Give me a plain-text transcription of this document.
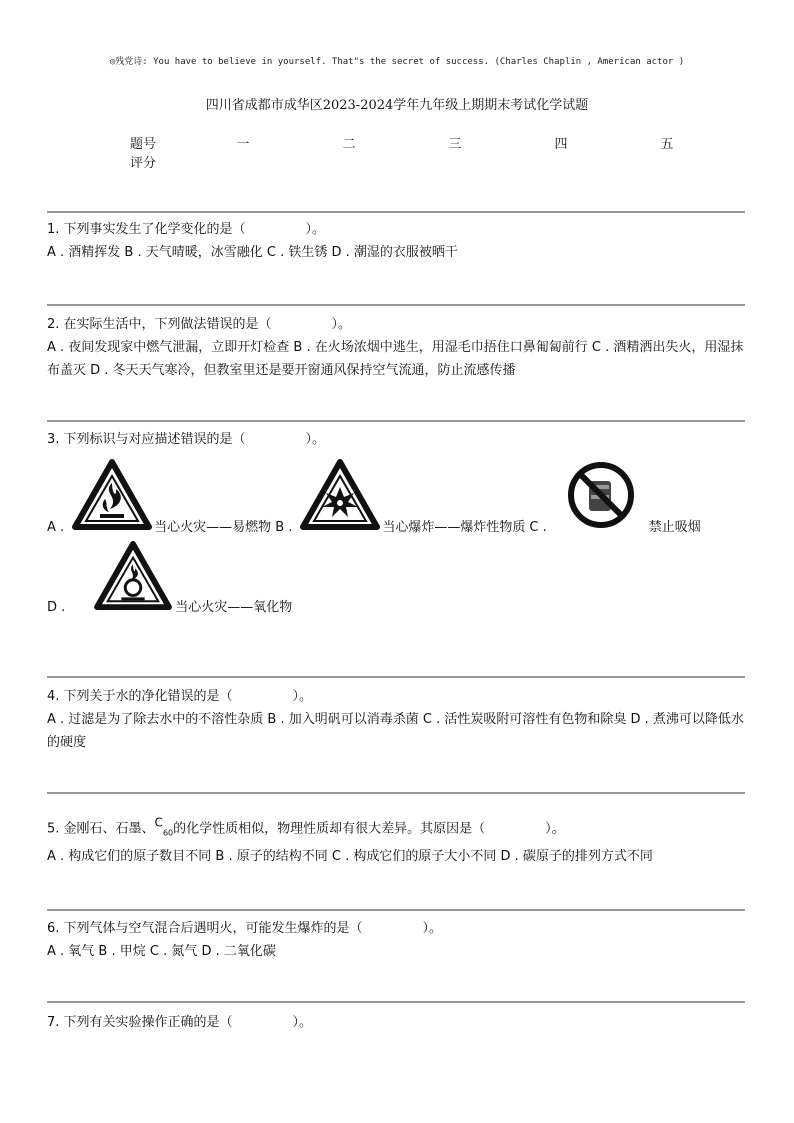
◎残党诗: You have to believe in yourself. That"s the secret of success. (Charles Chaplin , American actor )
四川省成都市成华区2023-2024学年九年级上期期末考试化学试题
题号	一	二	三	四	五
评分

1. 下列事实发生了化学变化的是（	）。

A . 酒精挥发 B . 天气晴暖，冰雪融化 C . 铁生锈 D . 潮湿的衣服被晒干

2. 在实际生活中，下列做法错误的是（	）。

A . 夜间发现家中燃气泄漏，立即开灯检查 B . 在火场浓烟中逃生，用湿毛巾捂住口鼻匍匐前行 C . 酒精洒出失火，用湿抹布盖灭 D . 冬天天气寒冷，但教室里还是要开窗通风保持空气流通，防止流感传播

3. 下列标识与对应描述错误的是（	）。

A .	当心火灾——易燃物 B .	当心爆炸——爆炸性物质 C .	禁止吸烟
D .	当心火灾——氧化物

4. 下列关于水的净化错误的是（	）。

A . 过滤是为了除去水中的不溶性杂质 B . 加入明矾可以消毒杀菌 C . 活性炭吸附可溶性有色物和除臭 D . 煮沸可以降低水的硬度

5. 金刚石、石墨、$^C_{60}$的化学性质相似，物理性质却有很大差异。其原因是（	）。

A . 构成它们的原子数目不同 B . 原子的结构不同 C . 构成它们的原子大小不同 D . 碳原子的排列方式不同

6. 下列气体与空气混合后遇明火，可能发生爆炸的是（	）。

A . 氧气 B . 甲烷 C . 氮气 D . 二氧化碳

7. 下列有关实验操作正确的是（	）。
